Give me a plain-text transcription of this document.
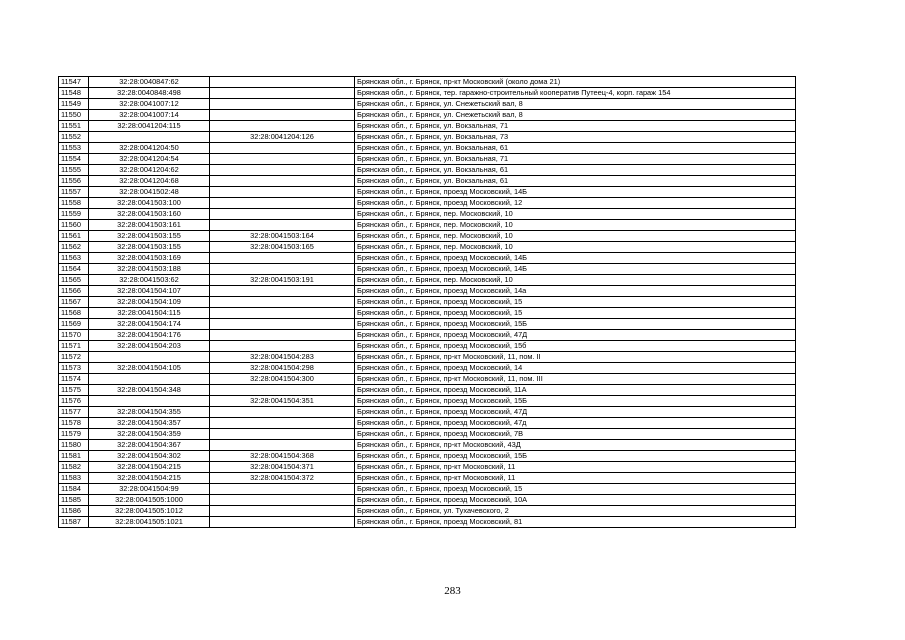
11547	32:28:0040847:62		Брянская обл., г. Брянск, пр-кт Московский (около дома 21)
11548	32:28:0040848:498		Брянская обл., г. Брянск, тер. гаражно-строительный кооператив Путеец-4, корп. гараж 154
11549	32:28:0041007:12		Брянская обл., г. Брянск, ул. Снежетьский вал, 8
11550	32:28:0041007:14		Брянская обл., г. Брянск, ул. Снежетьский вал, 8
11551	32:28:0041204:115		Брянская обл., г. Брянск, ул. Вокзальная, 71
11552		32:28:0041204:126	Брянская обл., г. Брянск, ул. Вокзальная, 73
11553	32:28:0041204:50		Брянская обл., г. Брянск, ул. Вокзальная, 61
11554	32:28:0041204:54		Брянская обл., г. Брянск, ул. Вокзальная, 71
11555	32:28:0041204:62		Брянская обл., г. Брянск, ул. Вокзальная, 61
11556	32:28:0041204:68		Брянская обл., г. Брянск, ул. Вокзальная, 61
11557	32:28:0041502:48		Брянская обл., г. Брянск, проезд Московский, 14Б
11558	32:28:0041503:100		Брянская обл., г. Брянск, проезд Московский, 12
11559	32:28:0041503:160		Брянская обл., г. Брянск, пер. Московский, 10
11560	32:28:0041503:161		Брянская обл., г. Брянск, пер. Московский, 10
11561	32:28:0041503:155	32:28:0041503:164	Брянская обл., г. Брянск, пер. Московский, 10
11562	32:28:0041503:155	32:28:0041503:165	Брянская обл., г. Брянск, пер. Московский, 10
11563	32:28:0041503:169		Брянская обл., г. Брянск, проезд Московский, 14Б
11564	32:28:0041503:188		Брянская обл., г. Брянск, проезд Московский, 14Б
11565	32:28:0041503:62	32:28:0041503:191	Брянская обл., г. Брянск, пер. Московский, 10
11566	32:28:0041504:107		Брянская обл., г. Брянск, проезд Московский, 14а
11567	32:28:0041504:109		Брянская обл., г. Брянск, проезд Московский, 15
11568	32:28:0041504:115		Брянская обл., г. Брянск, проезд Московский, 15
11569	32:28:0041504:174		Брянская обл., г. Брянск, проезд Московский, 15Б
11570	32:28:0041504:176		Брянская обл., г. Брянск, проезд Московский, 47Д
11571	32:28:0041504:203		Брянская обл., г. Брянск, проезд Московский, 15б
11572		32:28:0041504:283	Брянская обл., г. Брянск, пр-кт Московский, 11, пом. II
11573	32:28:0041504:105	32:28:0041504:298	Брянская обл., г. Брянск, проезд Московский, 14
11574		32:28:0041504:300	Брянская обл., г. Брянск, пр-кт Московский, 11, пом. III
11575	32:28:0041504:348		Брянская обл., г. Брянск, проезд Московский, 11А
11576		32:28:0041504:351	Брянская обл., г. Брянск, проезд Московский, 15Б
11577	32:28:0041504:355		Брянская обл., г. Брянск, проезд Московский, 47Д
11578	32:28:0041504:357		Брянская обл., г. Брянск, проезд Московский, 47д
11579	32:28:0041504:359		Брянская обл., г. Брянск, проезд Московский, 7В
11580	32:28:0041504:367		Брянская обл., г. Брянск, пр-кт Московский, 43Д
11581	32:28:0041504:302	32:28:0041504:368	Брянская обл., г. Брянск, проезд Московский, 15Б
11582	32:28:0041504:215	32:28:0041504:371	Брянская обл., г. Брянск, пр-кт Московский, 11
11583	32:28:0041504:215	32:28:0041504:372	Брянская обл., г. Брянск, пр-кт Московский, 11
11584	32:28:0041504:99		Брянская обл., г. Брянск, проезд Московский, 15
11585	32:28:0041505:1000		Брянская обл., г. Брянск, проезд Московский, 10А
11586	32:28:0041505:1012		Брянская обл., г. Брянск, ул. Тухачевского, 2
11587	32:28:0041505:1021		Брянская обл., г. Брянск, проезд Московский, 81
283
